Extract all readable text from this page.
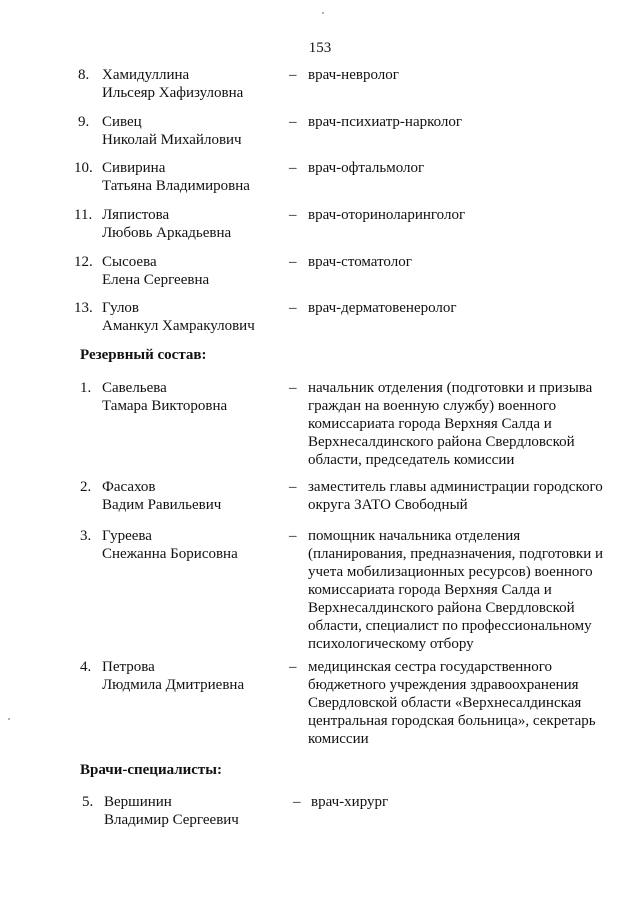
153
8. Хамидуллина
Ильсеяр Хафизуловна
– врач-невролог
9. Сивец
Николай Михайлович
– врач-психиатр-нарколог
10. Сивирина
Татьяна Владимировна
– врач-офтальмолог
11. Ляпистова
Любовь Аркадьевна
– врач-оториноларинголог
12. Сысоева
Елена Сергеевна
– врач-стоматолог
13. Гулов
Аманкул Хамракулович
– врач-дерматовенеролог
Резервный состав:
1. Савельева
Тамара Викторовна
– начальник отделения (подготовки и призыва
граждан на военную службу) военного
комиссариата города Верхняя Салда и
Верхнесалдинского района Свердловской
области, председатель комиссии
2. Фасахов
Вадим Равильевич
– заместитель главы администрации городского
округа ЗАТО Свободный
3. Гуреева
Снежанна Борисовна
– помощник начальника отделения
(планирования, предназначения, подготовки и
учета мобилизационных ресурсов) военного
комиссариата города Верхняя Салда и
Верхнесалдинского района Свердловской
области, специалист по профессиональному
психологическому отбору
4. Петрова
Людмила Дмитриевна
– медицинская сестра государственного
бюджетного учреждения здравоохранения
Свердловской области «Верхнесалдинская
центральная городская больница», секретарь
комиссии
Врачи-специалисты:
5. Вершинин
Владимир Сергеевич
– врач-хирург
